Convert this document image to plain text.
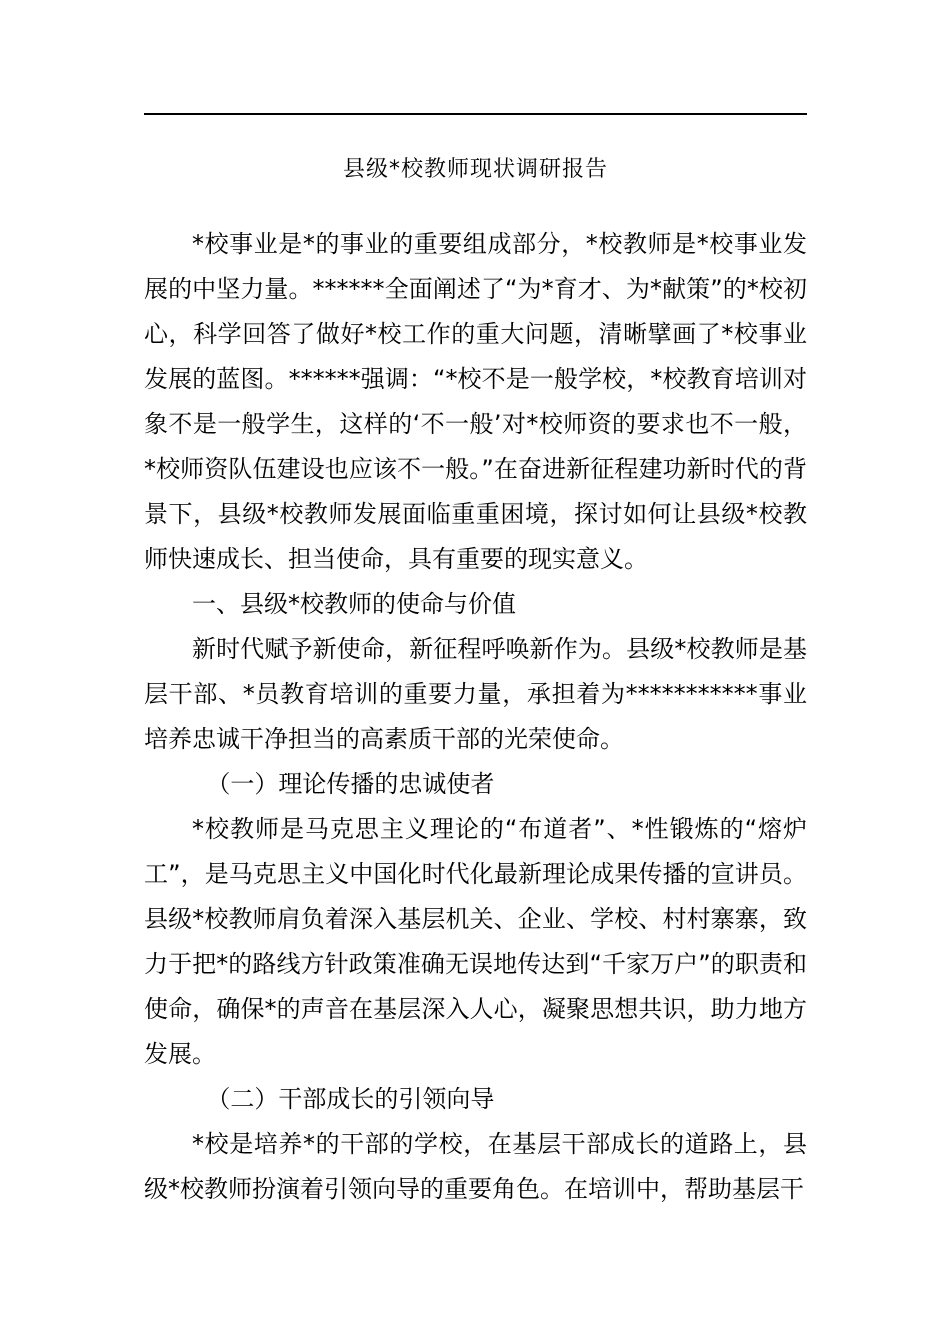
县级*校教师现状调研报告

*校事业是*的事业的重要组成部分，*校教师是*校事业发展的中坚力量。******全面阐述了“为*育才、为*献策”的*校初心，科学回答了做好*校工作的重大问题，清晰擘画了*校事业发展的蓝图。******强调：“*校不是一般学校，*校教育培训对象不是一般学生，这样的‘不一般’对*校师资的要求也不一般，*校师资队伍建设也应该不一般。”在奋进新征程建功新时代的背景下，县级*校教师发展面临重重困境，探讨如何让县级*校教师快速成长、担当使命，具有重要的现实意义。

一、县级*校教师的使命与价值

新时代赋予新使命，新征程呼唤新作为。县级*校教师是基层干部、*员教育培训的重要力量，承担着为***********事业培养忠诚干净担当的高素质干部的光荣使命。

（一）理论传播的忠诚使者

*校教师是马克思主义理论的“布道者”、*性锻炼的“熔炉工”，是马克思主义中国化时代化最新理论成果传播的宣讲员。县级*校教师肩负着深入基层机关、企业、学校、村村寨寨，致力于把*的路线方针政策准确无误地传达到“千家万户”的职责和使命，确保*的声音在基层深入人心，凝聚思想共识，助力地方发展。

（二）干部成长的引领向导

*校是培养*的干部的学校，在基层干部成长的道路上，县级*校教师扮演着引领向导的重要角色。在培训中，帮助基层干
